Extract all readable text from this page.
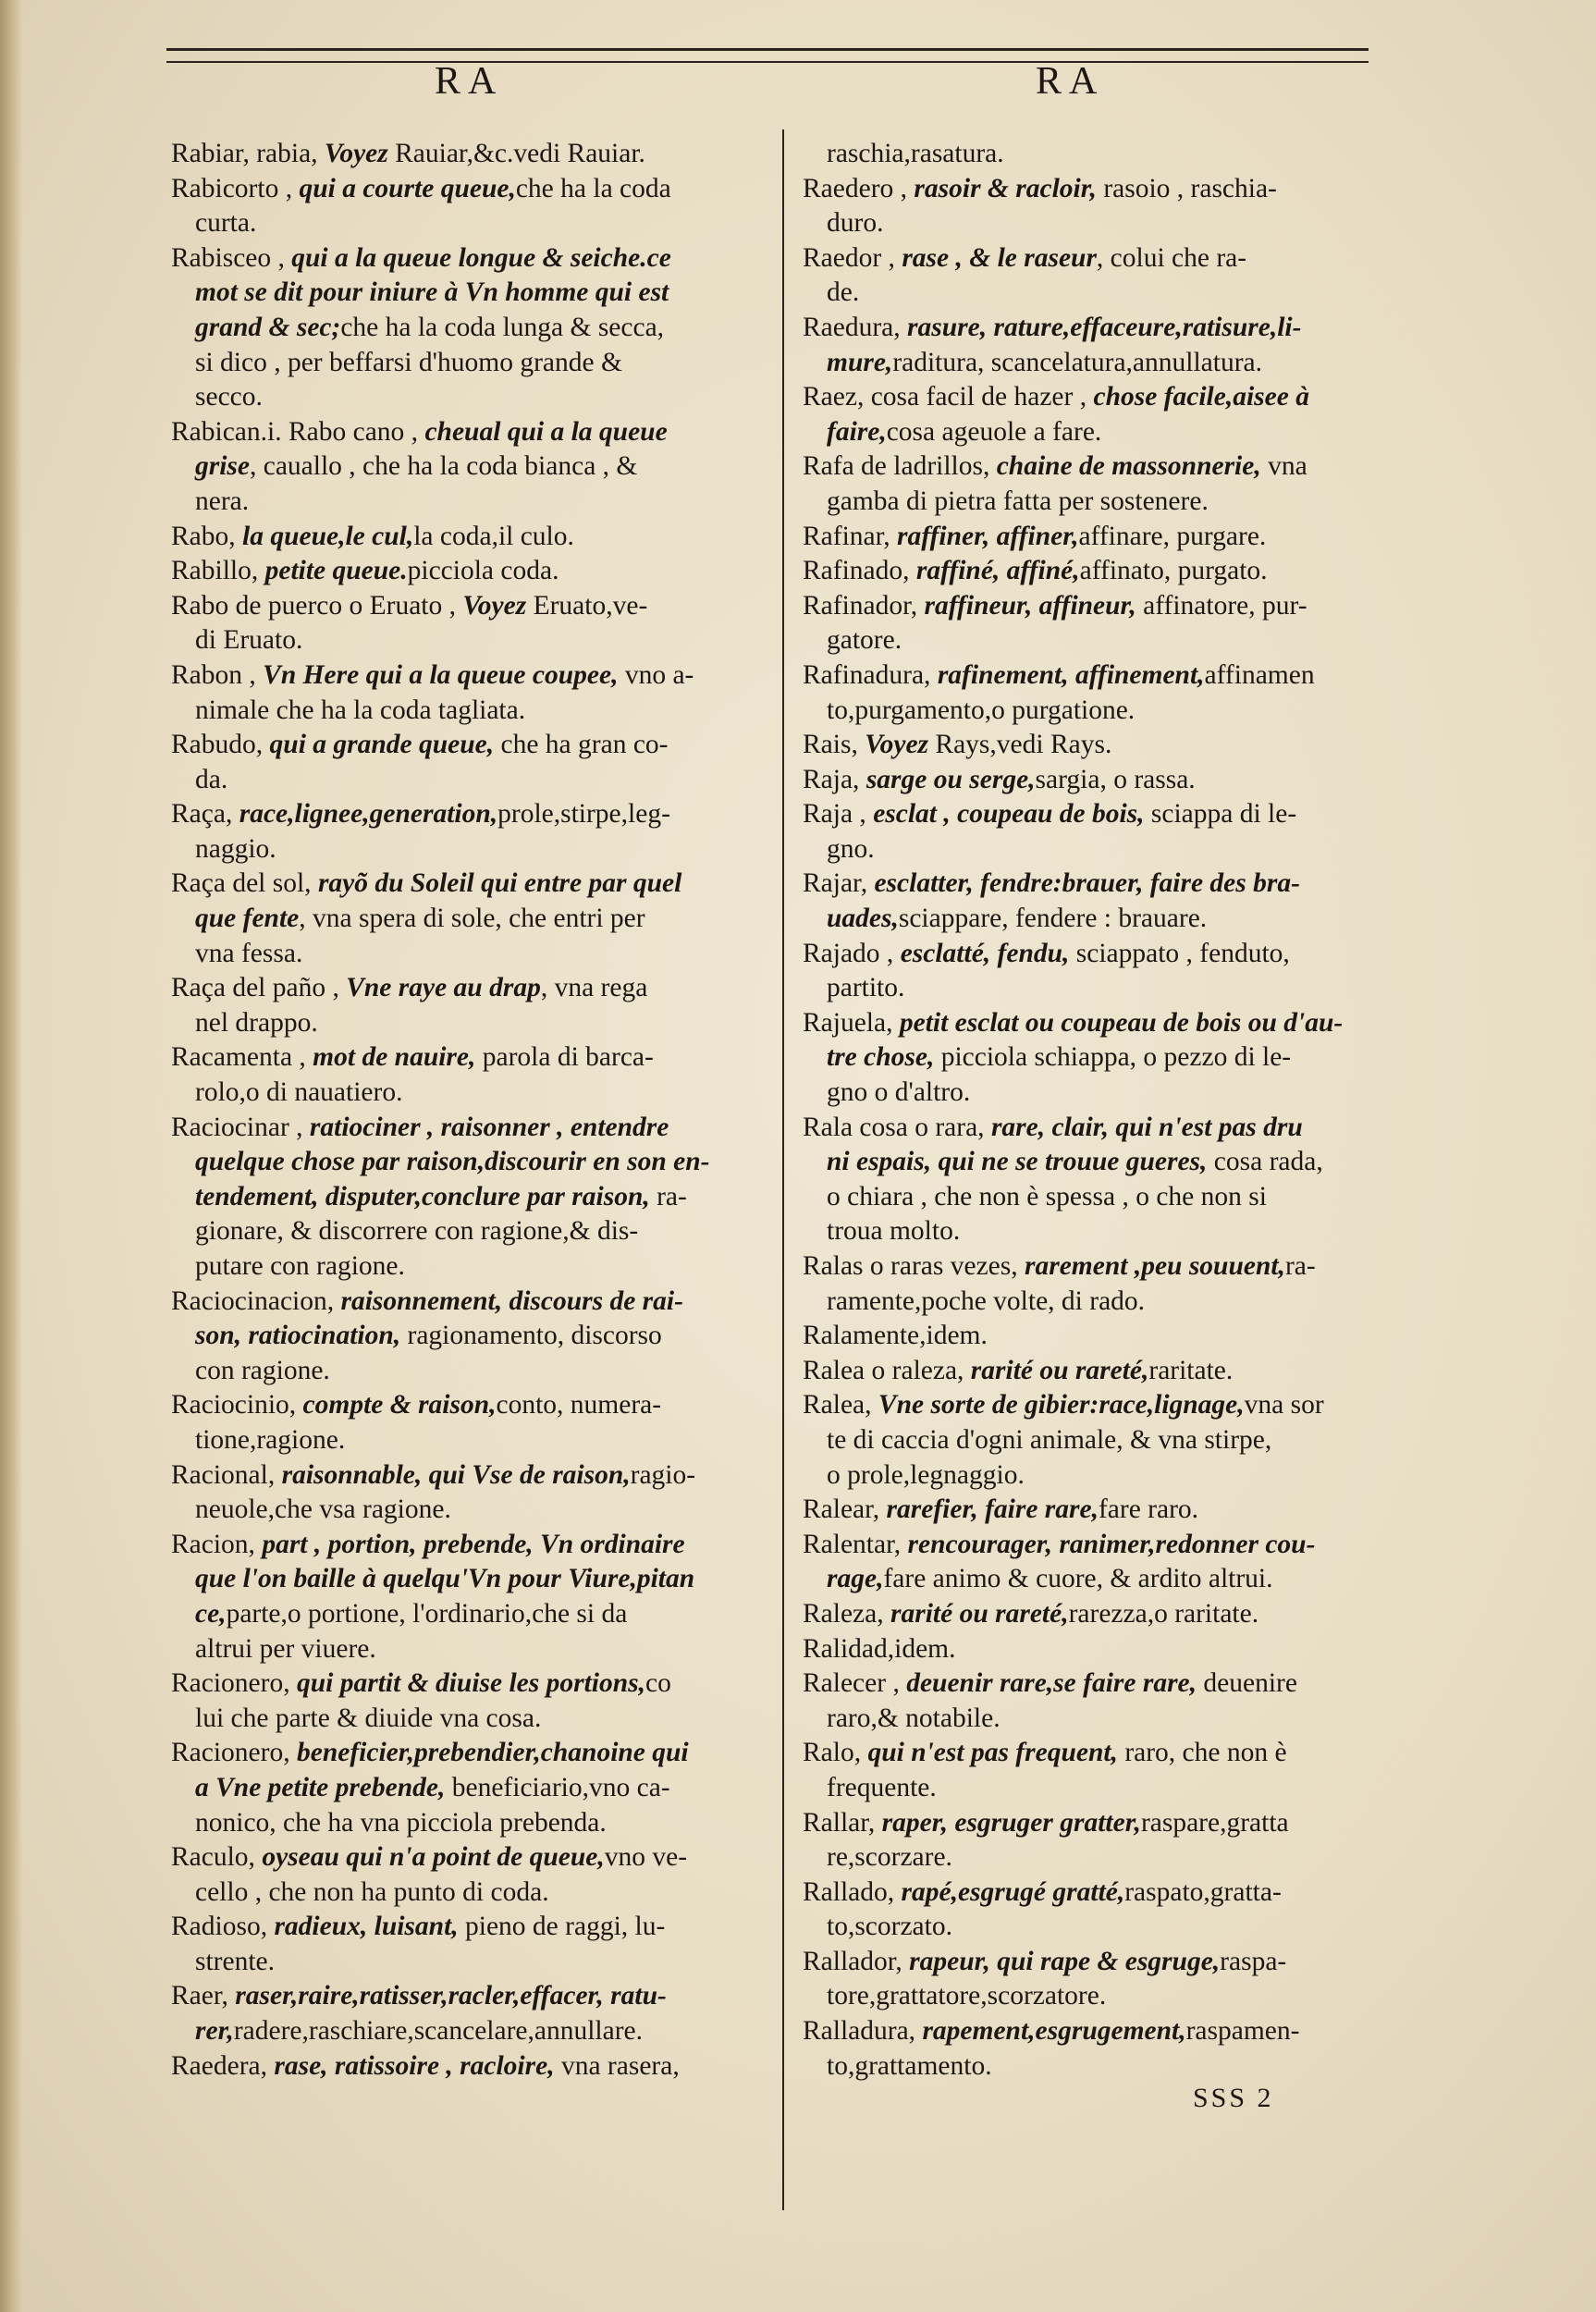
RA	RA
Rabiar, rabia, Voyez Rauiar,&c.vedi Rauiar.
Rabicorto , qui a courte queue,che ha la coda
curta.
Rabisceo , qui a la queue longue & seiche.ce
mot se dit pour iniure à Vn homme qui est
grand & sec;che ha la coda lunga & secca,
si dico , per beffarsi d'huomo grande &
secco.
Rabican.i. Rabo cano , cheual qui a la queue
grise, cauallo , che ha la coda bianca , &
nera.
Rabo, la queue,le cul,la coda,il culo.
Rabillo, petite queue.picciola coda.
Rabo de puerco o Eruato , Voyez Eruato,ve-
di Eruato.
Rabon , Vn Here qui a la queue coupee, vno a-
nimale che ha la coda tagliata.
Rabudo, qui a grande queue, che ha gran co-
da.
Raça, race,lignee,generation,prole,stirpe,leg-
naggio.
Raça del sol, rayõ du Soleil qui entre par quel
que fente, vna spera di sole, che entri per
vna fessa.
Raça del paño , Vne raye au drap, vna rega
nel drappo.
Racamenta , mot de nauire, parola di barca-
rolo,o di nauatiero.
Raciocinar , ratiociner , raisonner , entendre
quelque chose par raison,discourir en son en-
tendement, disputer,conclure par raison, ra-
gionare, & discorrere con ragione,& dis-
putare con ragione.
Raciocinacion, raisonnement, discours de rai-
son, ratiocination, ragionamento, discorso
con ragione.
Raciocinio, compte & raison,conto, numera-
tione,ragione.
Racional, raisonnable, qui Vse de raison,ragio-
neuole,che vsa ragione.
Racion, part , portion, prebende, Vn ordinaire
que l'on baille à quelqu'Vn pour Viure,pitan
ce,parte,o portione, l'ordinario,che si da
altrui per viuere.
Racionero, qui partit & diuise les portions,co
lui che parte & diuide vna cosa.
Racionero, beneficier,prebendier,chanoine qui
a Vne petite prebende, beneficiario,vno ca-
nonico, che ha vna picciola prebenda.
Raculo, oyseau qui n'a point de queue,vno ve-
cello , che non ha punto di coda.
Radioso, radieux, luisant, pieno de raggi, lu-
strente.
Raer, raser,raire,ratisser,racler,effacer, ratu-
rer,radere,raschiare,scancelare,annullare.
Raedera, rase, ratissoire , racloire, vna rasera,
raschia,rasatura.
Raedero , rasoir & racloir, rasoio , raschia-
duro.
Raedor , rase , & le raseur, colui che ra-
de.
Raedura, rasure, rature,effaceure,ratisure,li-
mure,raditura, scancelatura,annullatura.
Raez, cosa facil de hazer , chose facile,aisee à
faire,cosa ageuole a fare.
Rafa de ladrillos, chaine de massonnerie, vna
gamba di pietra fatta per sostenere.
Rafinar, raffiner, affiner,affinare, purgare.
Rafinado, raffiné, affiné,affinato, purgato.
Rafinador, raffineur, affineur, affinatore, pur-
gatore.
Rafinadura, rafinement, affinement,affinamen
to,purgamento,o purgatione.
Rais, Voyez Rays,vedi Rays.
Raja, sarge ou serge,sargia, o rassa.
Raja , esclat , coupeau de bois, sciappa di le-
gno.
Rajar, esclatter, fendre:brauer, faire des bra-
uades,sciappare, fendere : brauare.
Rajado , esclatté, fendu, sciappato , fenduto,
partito.
Rajuela, petit esclat ou coupeau de bois ou d'au-
tre chose, picciola schiappa, o pezzo di le-
gno o d'altro.
Rala cosa o rara, rare, clair, qui n'est pas dru
ni espais, qui ne se trouue gueres, cosa rada,
o chiara , che non è spessa , o che non si
troua molto.
Ralas o raras vezes, rarement ,peu souuent,ra-
ramente,poche volte, di rado.
Ralamente,idem.
Ralea o raleza, rarité ou rareté,raritate.
Ralea, Vne sorte de gibier:race,lignage,vna sor
te di caccia d'ogni animale, & vna stirpe,
o prole,legnaggio.
Ralear, rarefier, faire rare,fare raro.
Ralentar, rencourager, ranimer,redonner cou-
rage,fare animo & cuore, & ardito altrui.
Raleza, rarité ou rareté,rarezza,o raritate.
Ralidad,idem.
Ralecer , deuenir rare,se faire rare, deuenire
raro,& notabile.
Ralo, qui n'est pas frequent, raro, che non è
frequente.
Rallar, raper, esgruger gratter,raspare,gratta
re,scorzare.
Rallado, rapé,esgrugé gratté,raspato,gratta-
to,scorzato.
Rallador, rapeur, qui rape & esgruge,raspa-
tore,grattatore,scorzatore.
Ralladura, rapement,esgrugement,raspamen-
to,grattamento.
SSS 2
